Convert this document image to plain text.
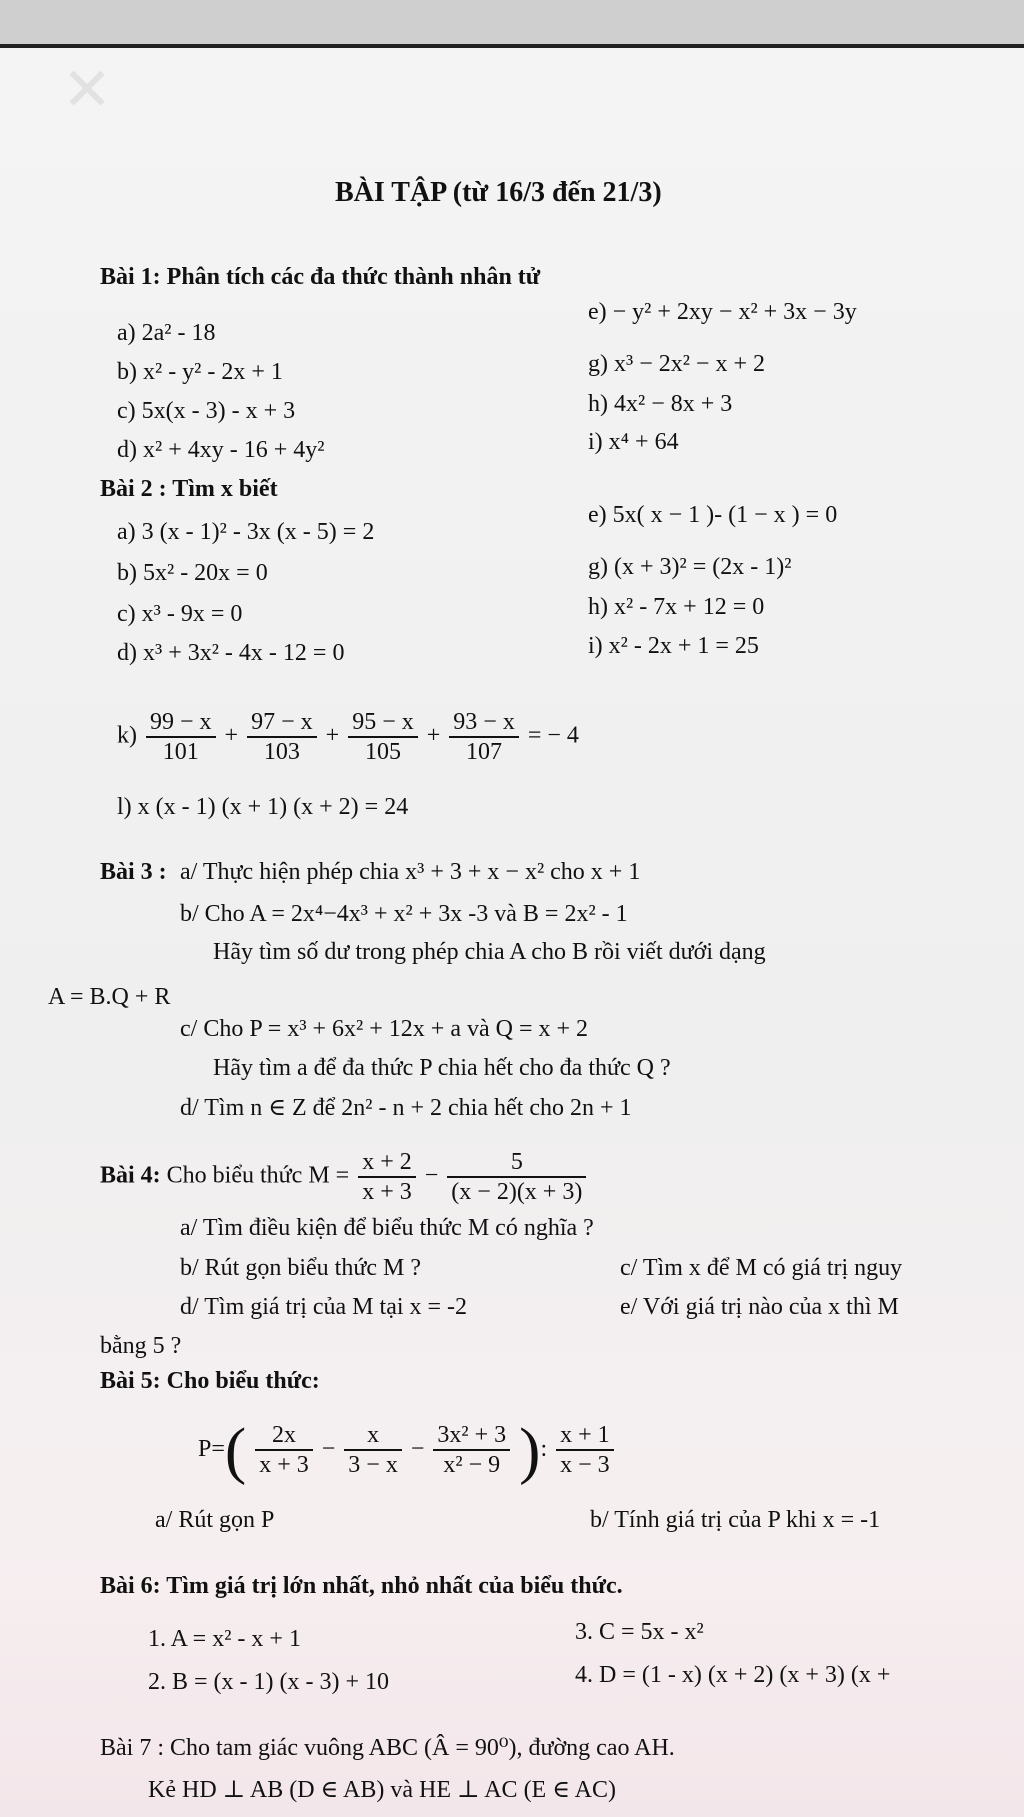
✕
BÀI TẬP (từ 16/3 đến 21/3)
Bài 1: Phân tích các đa thức thành nhân tử
a) 2a² - 18
b) x² - y² - 2x + 1
c) 5x(x - 3) - x + 3
d) x² + 4xy - 16 + 4y²
e) − y² + 2xy − x² + 3x − 3y
g) x³ − 2x² − x + 2
h) 4x² − 8x + 3
i) x⁴ + 64
Bài 2 : Tìm x biết
a) 3 (x - 1)² - 3x (x - 5) = 2
b) 5x² - 20x = 0
c) x³ - 9x = 0
d) x³ + 3x² - 4x - 12 = 0
e) 5x( x − 1 )- (1 − x ) = 0
g) (x + 3)² = (2x - 1)²
h) x² - 7x + 12 = 0
i) x² - 2x + 1 = 25
$k) \frac{99 - x}{101} + \frac{97 - x}{103} + \frac{95 - x}{105} + \frac{93 - x}{107}$ = − 4
l) x (x - 1) (x + 1) (x + 2) = 24
Bài 3 : a/ Thực hiện phép chia x³ + 3 + x − x² cho x + 1
b/ Cho A = 2x⁴−4x³ + x² + 3x -3 và B = 2x² - 1
Hãy tìm số dư trong phép chia A cho B rồi viết dưới dạng
A = B.Q + R
c/ Cho P = x³ + 6x² + 12x + a và Q = x + 2
Hãy tìm a để đa thức P chia hết cho đa thức Q ?
d/ Tìm n ∈ Z để 2n² - n + 2 chia hết cho 2n + 1
Bài 4: Cho biểu thức $M = \frac{x + 2}{x + 3} - \frac{5}{(x - 2)(x + 3)}$
a/ Tìm điều kiện để biểu thức M có nghĩa ?
b/ Rút gọn biểu thức M ?	c/ Tìm x để M có giá trị nguy
d/ Tìm giá trị của M tại x = -2	e/ Với giá trị nào của x thì M
bằng 5 ?
Bài 5: Cho biểu thức:
$P=( \frac{2x}{x + 3} - \frac{x}{3 - x} - \frac{\text{3x² + 3}}{\text{x² − 9}}$ ): $\frac{x + 1}{x - 3}$
a/ Rút gọn P	b/ Tính giá trị của P khi x = -1
Bài 6: Tìm giá trị lớn nhất, nhỏ nhất của biểu thức.
1. A = x² - x + 1
2. B = (x - 1) (x - 3) + 10
3. C = 5x - x²
4. D = (1 - x) (x + 2) (x + 3) (x +
Bài 7 : Cho tam giác vuông ABC (Â = 90⁰), đường cao AH.
Kẻ HD ⊥ AB (D ∈ AB) và HE ⊥ AC (E ∈ AC)
